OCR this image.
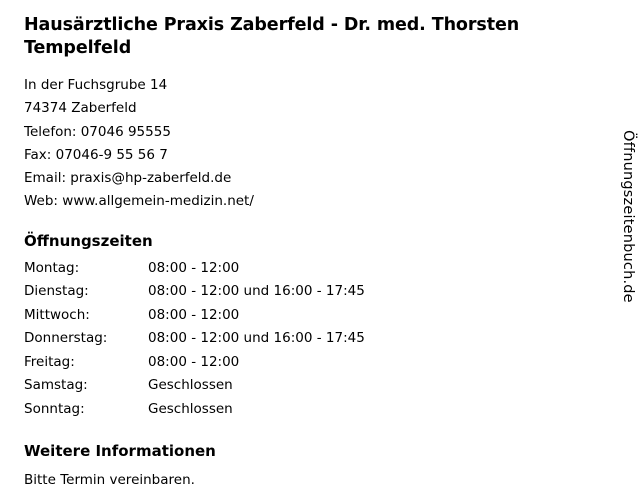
Hausärztliche Praxis Zaberfeld - Dr. med. Thorsten Tempelfeld
In der Fuchsgrube 14
74374 Zaberfeld
Telefon: 07046 95555
Fax: 07046-9 55 56 7
Email: praxis@hp-zaberfeld.de
Web: www.allgemein-medizin.net/
Öffnungszeiten
Montag:	08:00 - 12:00
Dienstag:	08:00 - 12:00 und 16:00 - 17:45
Mittwoch:	08:00 - 12:00
Donnerstag:	08:00 - 12:00 und 16:00 - 17:45
Freitag:	08:00 - 12:00
Samstag:	Geschlossen
Sonntag:	Geschlossen
Weitere Informationen
Bitte Termin vereinbaren.
Öffnungszeitenbuch.de
